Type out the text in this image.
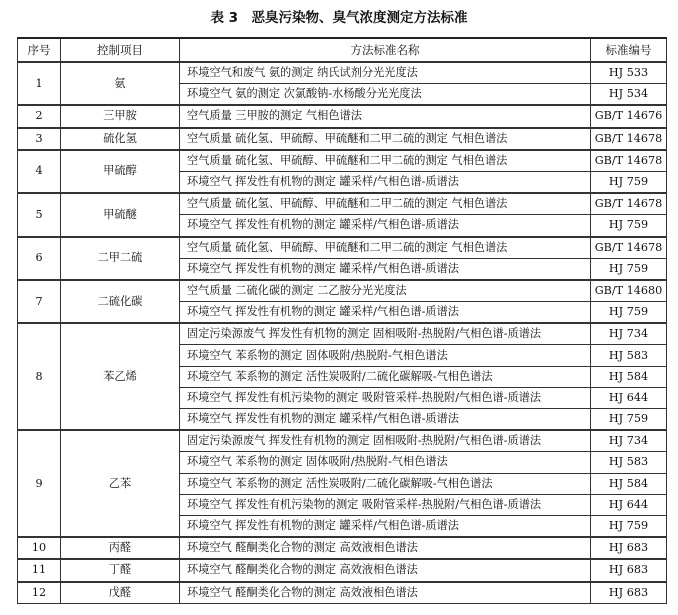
表 3　恶臭污染物、臭气浓度测定方法标准
序号	控制项目	方法标准名称	标准编号
1	氨	环境空气和废气 氨的测定 纳氏试剂分光光度法	HJ 533
		环境空气 氨的测定 次氯酸钠-水杨酸分光光度法	HJ 534
2	三甲胺	空气质量 三甲胺的测定 气相色谱法	GB/T 14676
3	硫化氢	空气质量 硫化氢、甲硫醇、甲硫醚和二甲二硫的测定 气相色谱法	GB/T 14678
4	甲硫醇	空气质量 硫化氢、甲硫醇、甲硫醚和二甲二硫的测定 气相色谱法	GB/T 14678
		环境空气 挥发性有机物的测定 罐采样/气相色谱-质谱法	HJ 759
5	甲硫醚	空气质量 硫化氢、甲硫醇、甲硫醚和二甲二硫的测定 气相色谱法	GB/T 14678
		环境空气 挥发性有机物的测定 罐采样/气相色谱-质谱法	HJ 759
6	二甲二硫	空气质量 硫化氢、甲硫醇、甲硫醚和二甲二硫的测定 气相色谱法	GB/T 14678
		环境空气 挥发性有机物的测定 罐采样/气相色谱-质谱法	HJ 759
7	二硫化碳	空气质量 二硫化碳的测定 二乙胺分光光度法	GB/T 14680
		环境空气 挥发性有机物的测定 罐采样/气相色谱-质谱法	HJ 759
8	苯乙烯	固定污染源废气 挥发性有机物的测定 固相吸附-热脱附/气相色谱-质谱法	HJ 734
		环境空气 苯系物的测定 固体吸附/热脱附-气相色谱法	HJ 583
		环境空气 苯系物的测定 活性炭吸附/二硫化碳解吸-气相色谱法	HJ 584
		环境空气 挥发性有机污染物的测定 吸附管采样-热脱附/气相色谱-质谱法	HJ 644
		环境空气 挥发性有机物的测定 罐采样/气相色谱-质谱法	HJ 759
9	乙苯	固定污染源废气 挥发性有机物的测定 固相吸附-热脱附/气相色谱-质谱法	HJ 734
		环境空气 苯系物的测定 固体吸附/热脱附-气相色谱法	HJ 583
		环境空气 苯系物的测定 活性炭吸附/二硫化碳解吸-气相色谱法	HJ 584
		环境空气 挥发性有机污染物的测定 吸附管采样-热脱附/气相色谱-质谱法	HJ 644
		环境空气 挥发性有机物的测定 罐采样/气相色谱-质谱法	HJ 759
10	丙醛	环境空气 醛酮类化合物的测定 高效液相色谱法	HJ 683
11	丁醛	环境空气 醛酮类化合物的测定 高效液相色谱法	HJ 683
12	戊醛	环境空气 醛酮类化合物的测定 高效液相色谱法	HJ 683
